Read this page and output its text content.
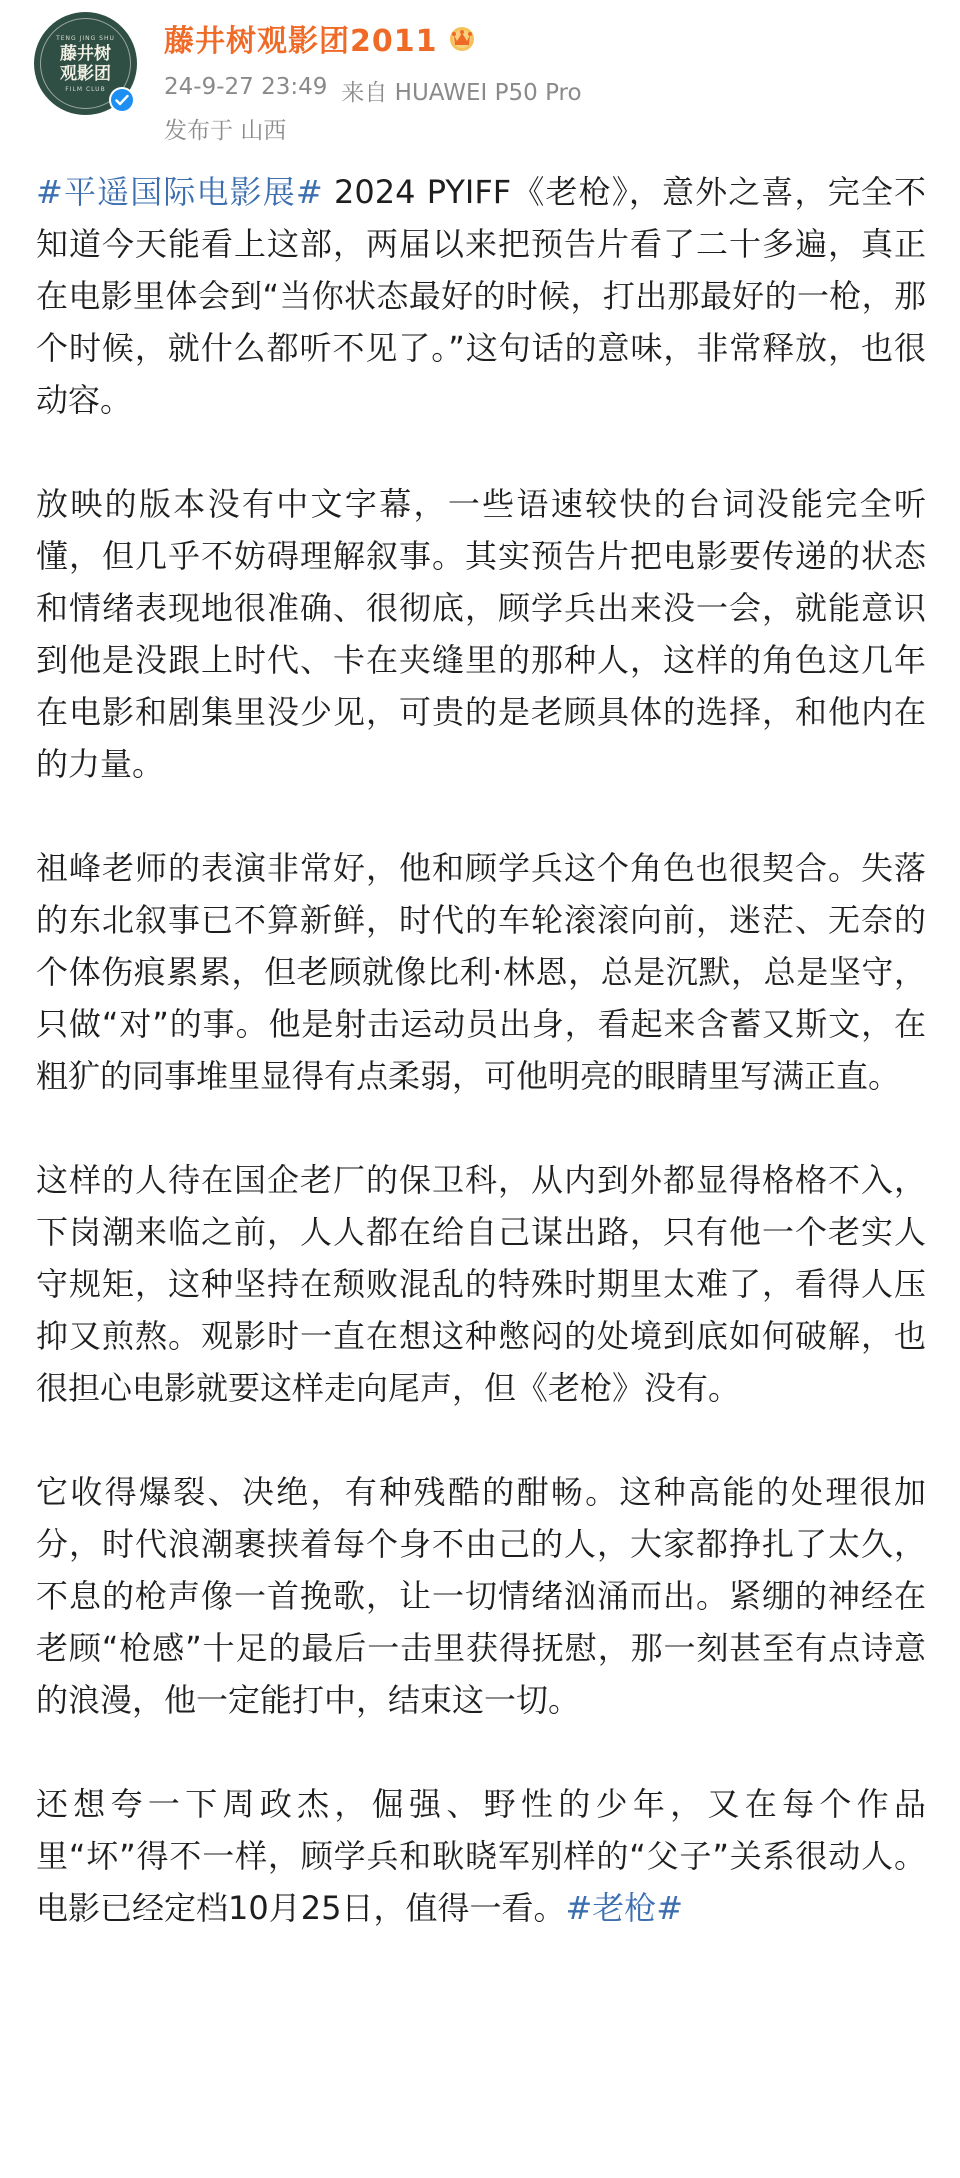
TENG JING SHU
藤井树
观影团
FILM CLUB
藤井树观影团2011
24-9-27 23:49 来自 HUAWEI P50 Pro
发布于 山西

#平遥国际电影展# 2024 PYIFF《老枪》，意外之喜，完全不知道今天能看上这部，两届以来把预告片看了二十多遍，真正在电影里体会到“当你状态最好的时候，打出那最好的一枪，那个时候，就什么都听不见了。”这句话的意味，非常释放，也很动容。

放映的版本没有中文字幕，一些语速较快的台词没能完全听懂，但几乎不妨碍理解叙事。其实预告片把电影要传递的状态和情绪表现地很准确、很彻底，顾学兵出来没一会，就能意识到他是没跟上时代、卡在夹缝里的那种人，这样的角色这几年在电影和剧集里没少见，可贵的是老顾具体的选择，和他内在的力量。

祖峰老师的表演非常好，他和顾学兵这个角色也很契合。失落的东北叙事已不算新鲜，时代的车轮滚滚向前，迷茫、无奈的个体伤痕累累，但老顾就像比利·林恩，总是沉默，总是坚守，只做“对”的事。他是射击运动员出身，看起来含蓄又斯文，在粗犷的同事堆里显得有点柔弱，可他明亮的眼睛里写满正直。

这样的人待在国企老厂的保卫科，从内到外都显得格格不入，下岗潮来临之前，人人都在给自己谋出路，只有他一个老实人守规矩，这种坚持在颓败混乱的特殊时期里太难了，看得人压抑又煎熬。观影时一直在想这种憋闷的处境到底如何破解，也很担心电影就要这样走向尾声，但《老枪》没有。

它收得爆裂、决绝，有种残酷的酣畅。这种高能的处理很加分，时代浪潮裹挟着每个身不由己的人，大家都挣扎了太久，不息的枪声像一首挽歌，让一切情绪汹涌而出。紧绷的神经在老顾“枪感”十足的最后一击里获得抚慰，那一刻甚至有点诗意的浪漫，他一定能打中，结束这一切。

还想夸一下周政杰，倔强、野性的少年，又在每个作品里“坏”得不一样，顾学兵和耿晓军别样的“父子”关系很动人。电影已经定档10月25日，值得一看。#老枪#
